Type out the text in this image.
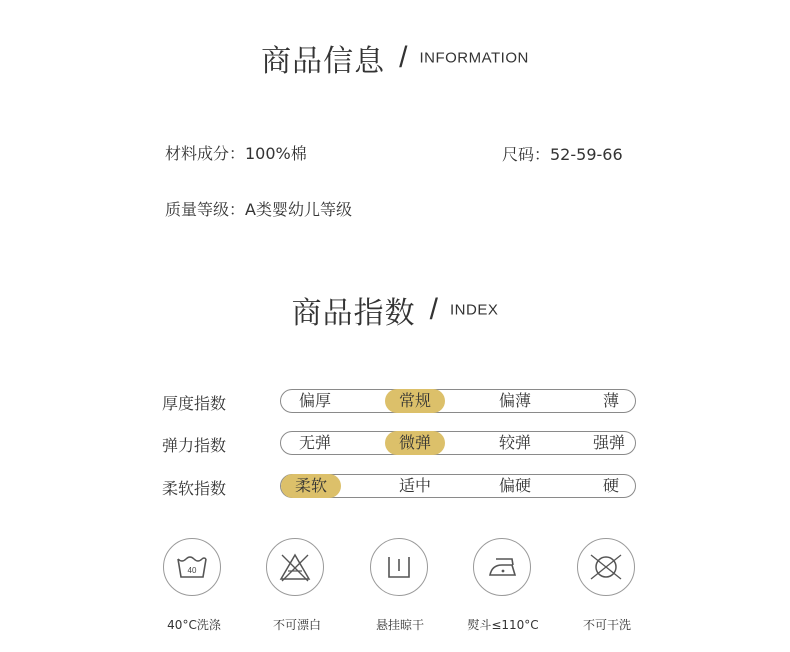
商品信息 / INFORMATION
材料成分：100%棉	尺码：52-59-66
质量等级：A类婴幼儿等级
商品指数 / INDEX
厚度指数	偏厚	常规	偏薄	薄
弹力指数	无弹	微弹	较弹	强弹
柔软指数	柔软	适中	偏硬	硬
40
40°C洗涤	不可漂白	悬挂晾干	熨斗≤110°C	不可干洗
